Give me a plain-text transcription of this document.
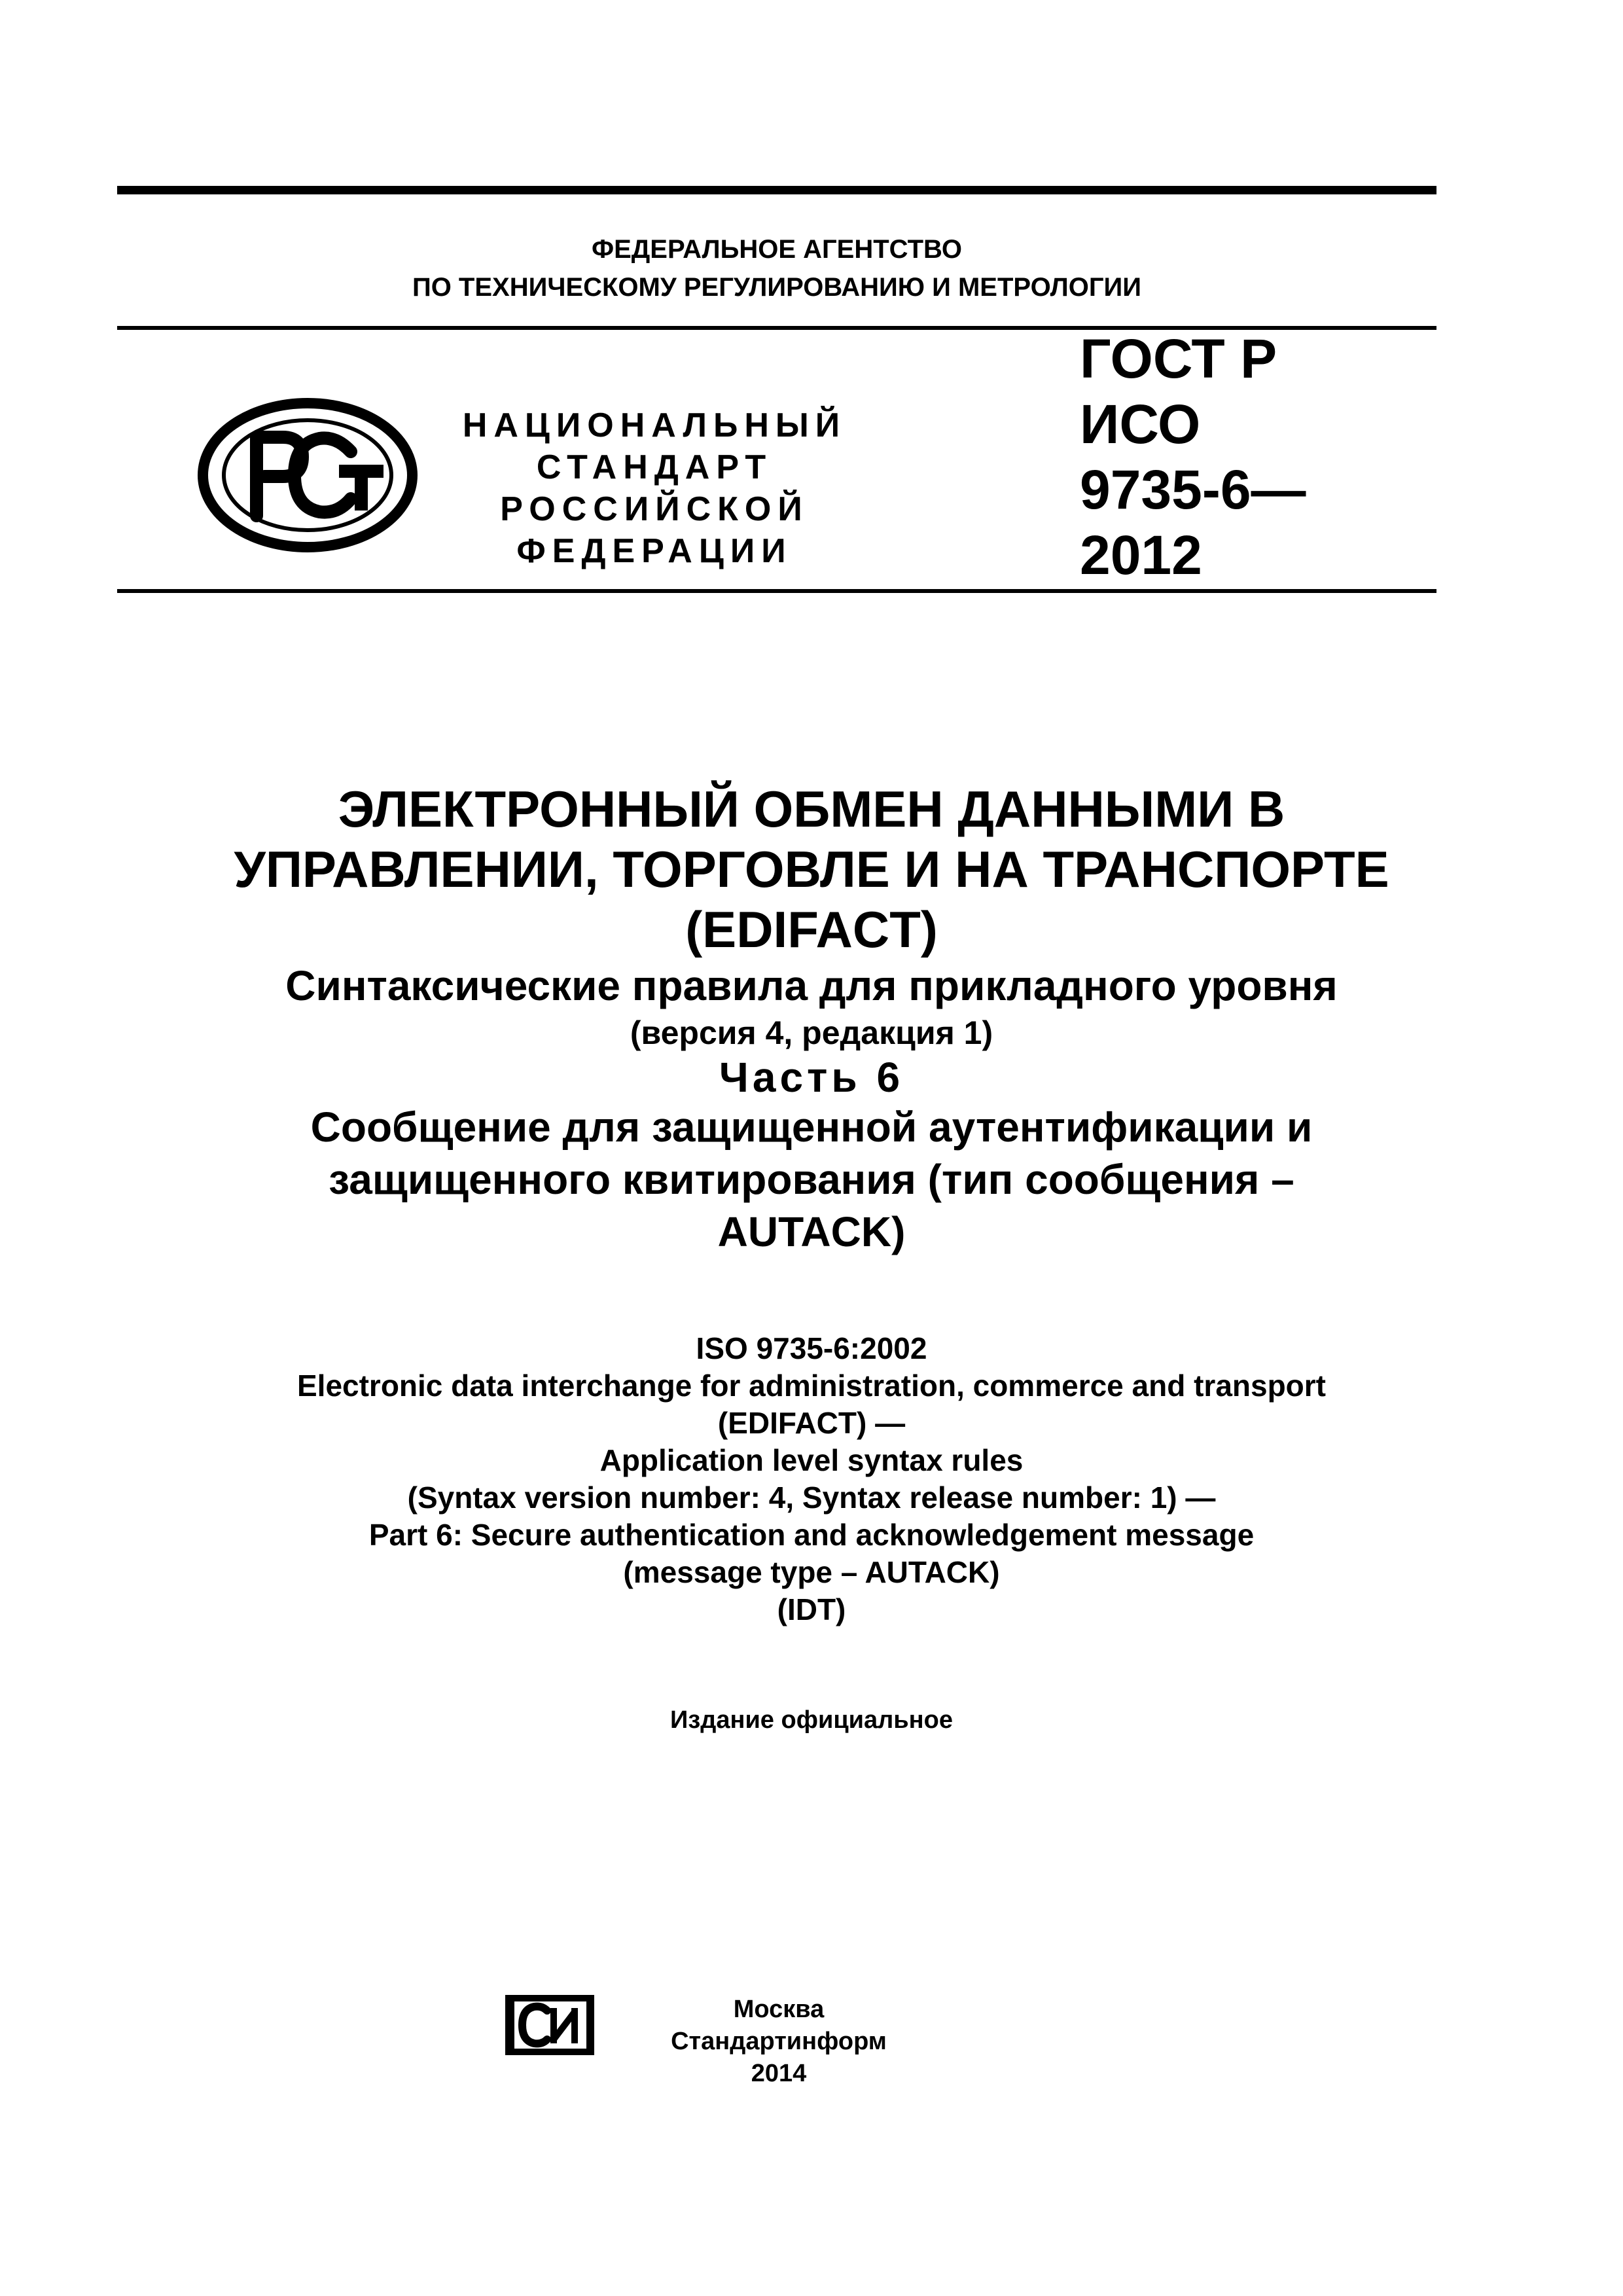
ФЕДЕРАЛЬНОЕ АГЕНТСТВО
ПО ТЕХНИЧЕСКОМУ РЕГУЛИРОВАНИЮ И МЕТРОЛОГИИ
НАЦИОНАЛЬНЫЙ
СТАНДАРТ
РОССИЙСКОЙ
ФЕДЕРАЦИИ
ГОСТ Р
ИСО
9735-6—
2012
ЭЛЕКТРОННЫЙ ОБМЕН ДАННЫМИ В
УПРАВЛЕНИИ, ТОРГОВЛЕ И НА ТРАНСПОРТЕ
(EDIFACT)
Синтаксические правила для прикладного уровня
(версия 4, редакция 1)
Часть 6
Сообщение для защищенной аутентификации и
защищенного квитирования (тип сообщения –
AUTACK)
ISO 9735-6:2002
Electronic data interchange for administration, commerce and transport
(EDIFACT) —
Application level syntax rules
(Syntax version number: 4, Syntax release number: 1) —
Part 6: Secure authentication and acknowledgement message
(message type – AUTACK)
(IDT)
Издание официальное
Москва
Стандартинформ
2014
